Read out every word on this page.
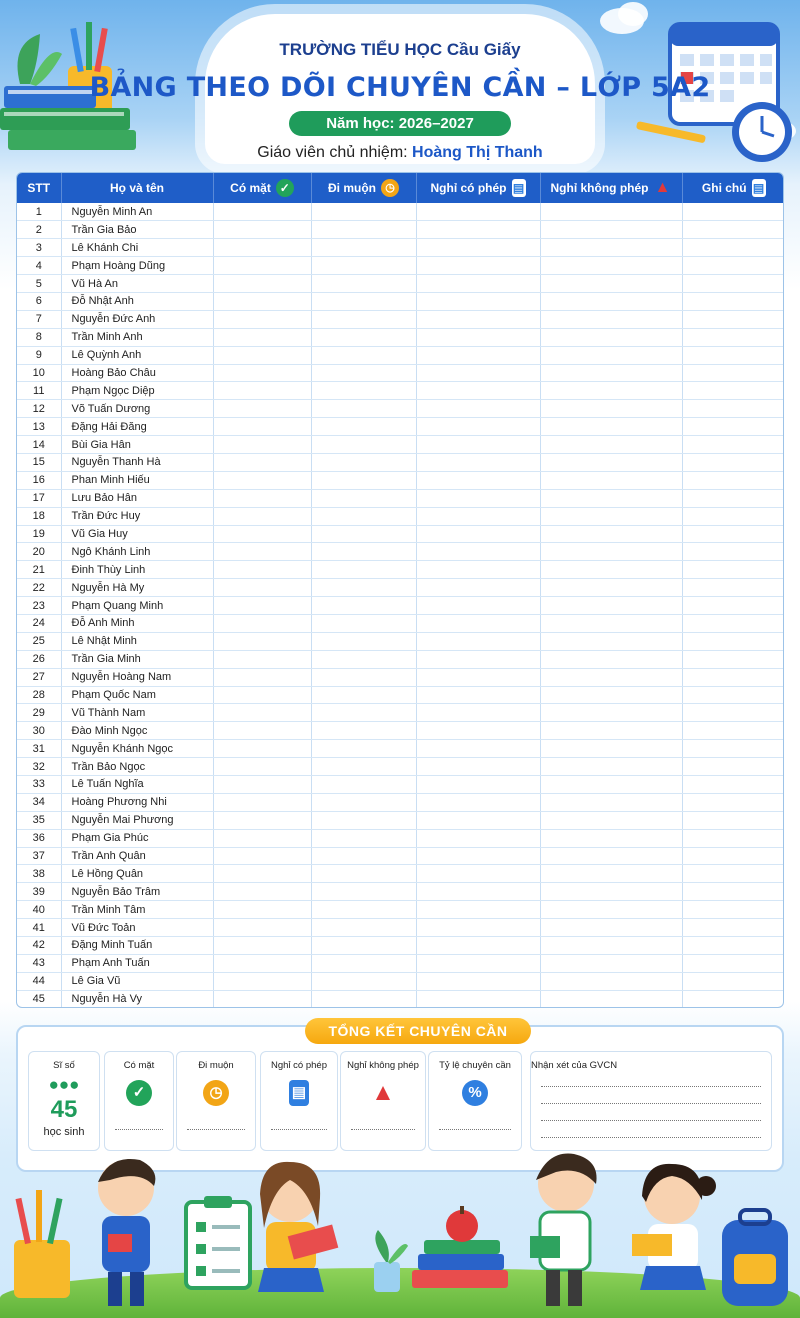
TRƯỜNG TIỂU HỌC Cầu Giấy
BẢNG THEO DÕI CHUYÊN CẦN – LỚP 5A2
Năm học: 2026–2027
Giáo viên chủ nhiệm: Hoàng Thị Thanh
STT	Họ và tên	Có mặt ✓	Đi muộn ◷	Nghỉ có phép ▤	Nghỉ không phép ▲	Ghi chú ▤

1	Nguyễn Minh An					
2	Trần Gia Bảo					
3	Lê Khánh Chi					
4	Phạm Hoàng Dũng					
5	Vũ Hà An					
6	Đỗ Nhật Anh					
7	Nguyễn Đức Anh					
8	Trần Minh Anh					
9	Lê Quỳnh Anh					
10	Hoàng Bảo Châu					
11	Phạm Ngọc Diệp					
12	Võ Tuấn Dương					
13	Đặng Hải Đăng					
14	Bùi Gia Hân					
15	Nguyễn Thanh Hà					
16	Phan Minh Hiếu					
17	Lưu Bảo Hân					
18	Trần Đức Huy					
19	Vũ Gia Huy					
20	Ngô Khánh Linh					
21	Đinh Thùy Linh					
22	Nguyễn Hà My					
23	Phạm Quang Minh					
24	Đỗ Anh Minh					
25	Lê Nhật Minh					
26	Trần Gia Minh					
27	Nguyễn Hoàng Nam					
28	Phạm Quốc Nam					
29	Vũ Thành Nam					
30	Đào Minh Ngọc					
31	Nguyễn Khánh Ngọc					
32	Trần Bảo Ngọc					
33	Lê Tuấn Nghĩa					
34	Hoàng Phương Nhi					
35	Nguyễn Mai Phương					
36	Phạm Gia Phúc					
37	Trần Anh Quân					
38	Lê Hồng Quân					
39	Nguyễn Bảo Trâm					
40	Trần Minh Tâm					
41	Vũ Đức Toản					
42	Đặng Minh Tuấn					
43	Phạm Anh Tuấn					
44	Lê Gia Vũ					
45	Nguyễn Hà Vy					
TỔNG KẾT CHUYÊN CẦN
Sĩ số
●●●
45
học sinh
Có mặt
✓
Đi muộn
◷
Nghỉ có phép
▤
Nghỉ không phép
▲
Tỷ lệ chuyên cần
%
Nhận xét của GVCN
